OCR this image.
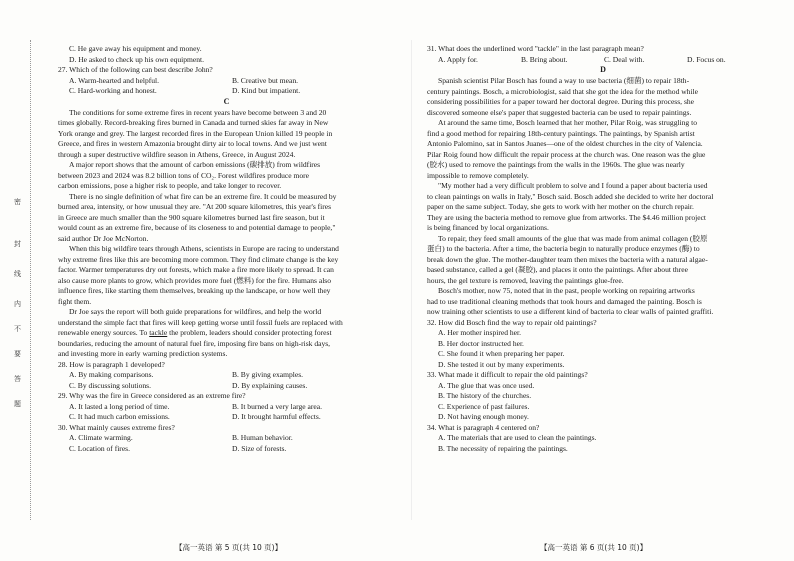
密
封
线
内
不
要
答
题
C. He gave away his equipment and money.
D. He asked to check up his own equipment.
27. Which of the following can best describe John?
A. Warm-hearted and helpful.	B. Creative but mean.
C. Hard-working and honest.	D. Kind but impatient.
C
The conditions for some extreme fires in recent years have become between 3 and 20
times globally. Record-breaking fires burned in Canada and turned skies far away in New
York orange and grey. The largest recorded fires in the European Union killed 19 people in
Greece, and fires in western Amazonia brought dirty air to local towns. And we just went
through a super destructive wildfire season in Athens, Greece, in August 2024.
A major report shows that the amount of carbon emissions (碳排放) from wildfires
between 2023 and 2024 was 8.2 billion tons of CO₂. Forest wildfires produce more
carbon emissions, pose a higher risk to people, and take longer to recover.
There is no single definition of what fire can be an extreme fire. It could be measured by
burned area, intensity, or how unusual they are. "At 200 square kilometres, this year's fires
in Greece are much smaller than the 900 square kilometres burned last fire season, but it
would count as an extreme fire, because of its closeness to and potential damage to people,"
said author Dr Joe McNorton.
When this big wildfire tears through Athens, scientists in Europe are racing to understand
why extreme fires like this are becoming more common. They find climate change is the key
factor. Warmer temperatures dry out forests, which make a fire more likely to spread. It can
also cause more plants to grow, which provides more fuel (燃料) for the fire. Humans also
influence fires, like starting them themselves, breaking up the landscape, or how well they
fight them.
Dr Joe says the report will both guide preparations for wildfires, and help the world
understand the simple fact that fires will keep getting worse until fossil fuels are replaced with
renewable energy sources. To tackle the problem, leaders should consider protecting forest
boundaries, reducing the amount of natural fuel fire, imposing fire bans on high-risk days,
and investing more in early warning prediction systems.
28. How is paragraph 1 developed?
A. By making comparisons.	B. By giving examples.
C. By discussing solutions.	D. By explaining causes.
29. Why was the fire in Greece considered as an extreme fire?
A. It lasted a long period of time.	B. It burned a very large area.
C. It had much carbon emissions.	D. It brought harmful effects.
30. What mainly causes extreme fires?
A. Climate warming.	B. Human behavior.
C. Location of fires.	D. Size of forests.
31. What does the underlined word "tackle" in the last paragraph mean?
A. Apply for.	B. Bring about.	C. Deal with.	D. Focus on.
D
Spanish scientist Pilar Bosch has found a way to use bacteria (细菌) to repair 18th-
century paintings. Bosch, a microbiologist, said that she got the idea for the method while
considering possibilities for a paper toward her doctoral degree. During this process, she
discovered someone else's paper that suggested bacteria can be used to repair paintings.
At around the same time, Bosch learned that her mother, Pilar Roig, was struggling to
find a good method for repairing 18th-century paintings. The paintings, by Spanish artist
Antonio Palomino, sat in Santos Juanes—one of the oldest churches in the city of Valencia.
Pilar Roig found how difficult the repair process at the church was. One reason was the glue
(胶水) used to remove the paintings from the walls in the 1960s. The glue was nearly
impossible to remove completely.
"My mother had a very difficult problem to solve and I found a paper about bacteria used
to clean paintings on walls in Italy," Bosch said. Bosch added she decided to write her doctoral
paper on the same subject. Today, she gets to work with her mother on the church repair.
They are using the bacteria method to remove glue from artworks. The $4.46 million project
is being financed by local organizations.
To repair, they feed small amounts of the glue that was made from animal collagen (胶原
蛋白) to the bacteria. After a time, the bacteria begin to naturally produce enzymes (酶) to
break down the glue. The mother-daughter team then mixes the bacteria with a natural algae-
based substance, called a gel (凝胶), and places it onto the paintings. After about three
hours, the gel texture is removed, leaving the paintings glue-free.
Bosch's mother, now 75, noted that in the past, people working on repairing artworks
had to use traditional cleaning methods that took hours and damaged the painting. Bosch is
now training other scientists to use a different kind of bacteria to clear walls of painted graffiti.
32. How did Bosch find the way to repair old paintings?
A. Her mother inspired her.
B. Her doctor instructed her.
C. She found it when preparing her paper.
D. She tested it out by many experiments.
33. What made it difficult to repair the old paintings?
A. The glue that was once used.
B. The history of the churches.
C. Experience of past failures.
D. Not having enough money.
34. What is paragraph 4 centered on?
A. The materials that are used to clean the paintings.
B. The necessity of repairing the paintings.
【高一英语 第 5 页(共 10 页)】	【高一英语 第 6 页(共 10 页)】
